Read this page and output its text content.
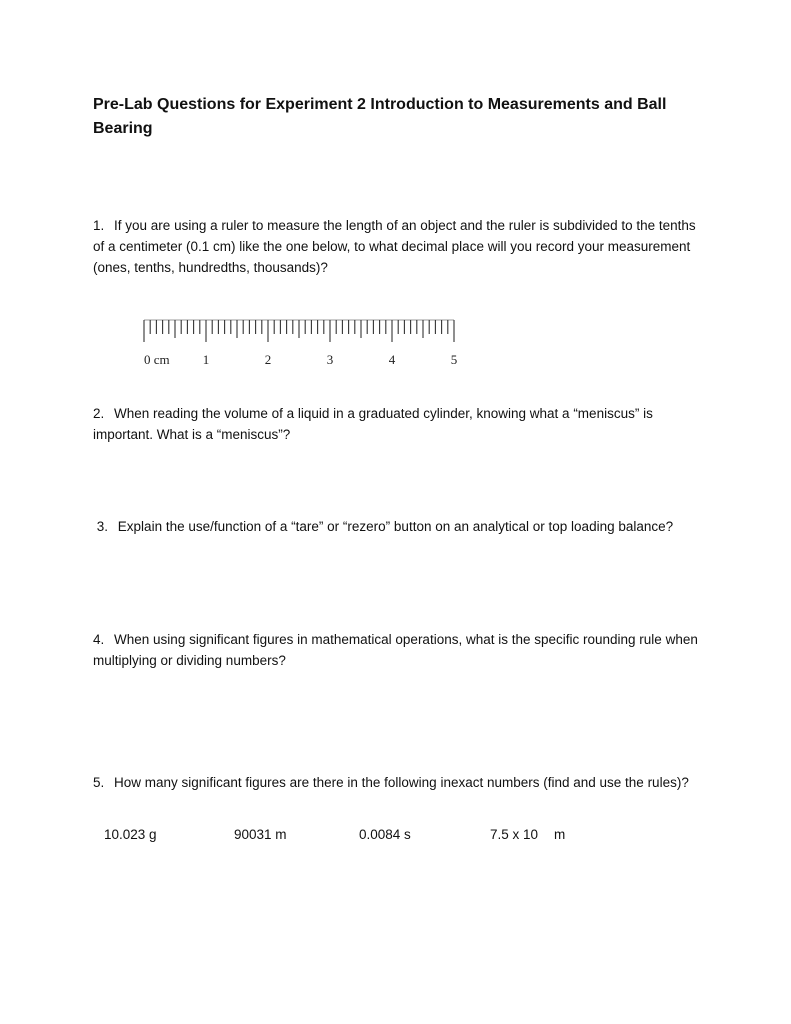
Pre-Lab Questions for Experiment 2 Introduction to Measurements and Ball Bearing
1. If you are using a ruler to measure the length of an object and the ruler is subdivided to the tenths of a centimeter (0.1 cm) like the one below, to what decimal place will you record your measurement (ones, tenths, hundredths, thousands)?
0 cm	1	2	3	4	5
2. When reading the volume of a liquid in a graduated cylinder, knowing what a “meniscus” is important. What is a “meniscus”?
3. Explain the use/function of a “tare” or “rezero” button on an analytical or top loading balance?
4. When using significant figures in mathematical operations, what is the specific rounding rule when multiplying or dividing numbers?
5. How many significant figures are there in the following inexact numbers (find and use the rules)?
10.023 g	90031 m	0.0084 s	7.5 x 10 m
